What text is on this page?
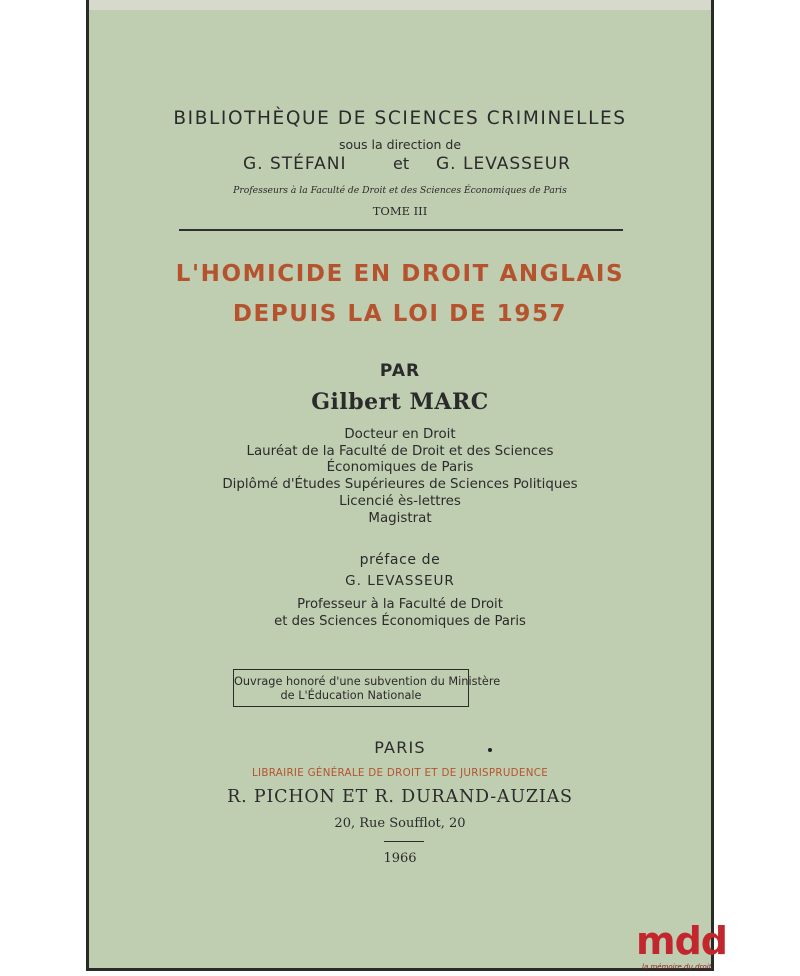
BIBLIOTHÈQUE DE SCIENCES CRIMINELLES
sous la direction de
G. STÉFANI	et G. LEVASSEUR
Professeurs à la Faculté de Droit et des Sciences Économiques de Paris
TOME III
L'HOMICIDE EN DROIT ANGLAIS
DEPUIS LA LOI DE 1957
PAR
Gilbert MARC
Docteur en Droit
Lauréat de la Faculté de Droit et des Sciences
Économiques de Paris
Diplômé d'Études Supérieures de Sciences Politiques
Licencié ès-lettres
Magistrat
préface de
G. LEVASSEUR
Professeur à la Faculté de Droit
et des Sciences Économiques de Paris
Ouvrage honoré d'une subvention du Ministère
de L'Éducation Nationale
PARIS
LIBRAIRIE GÉNÉRALE DE DROIT ET DE JURISPRUDENCE
R. PICHON ET R. DURAND-AUZIAS
20, Rue Soufflot, 20
1966
mdd
la mémoire du droit
